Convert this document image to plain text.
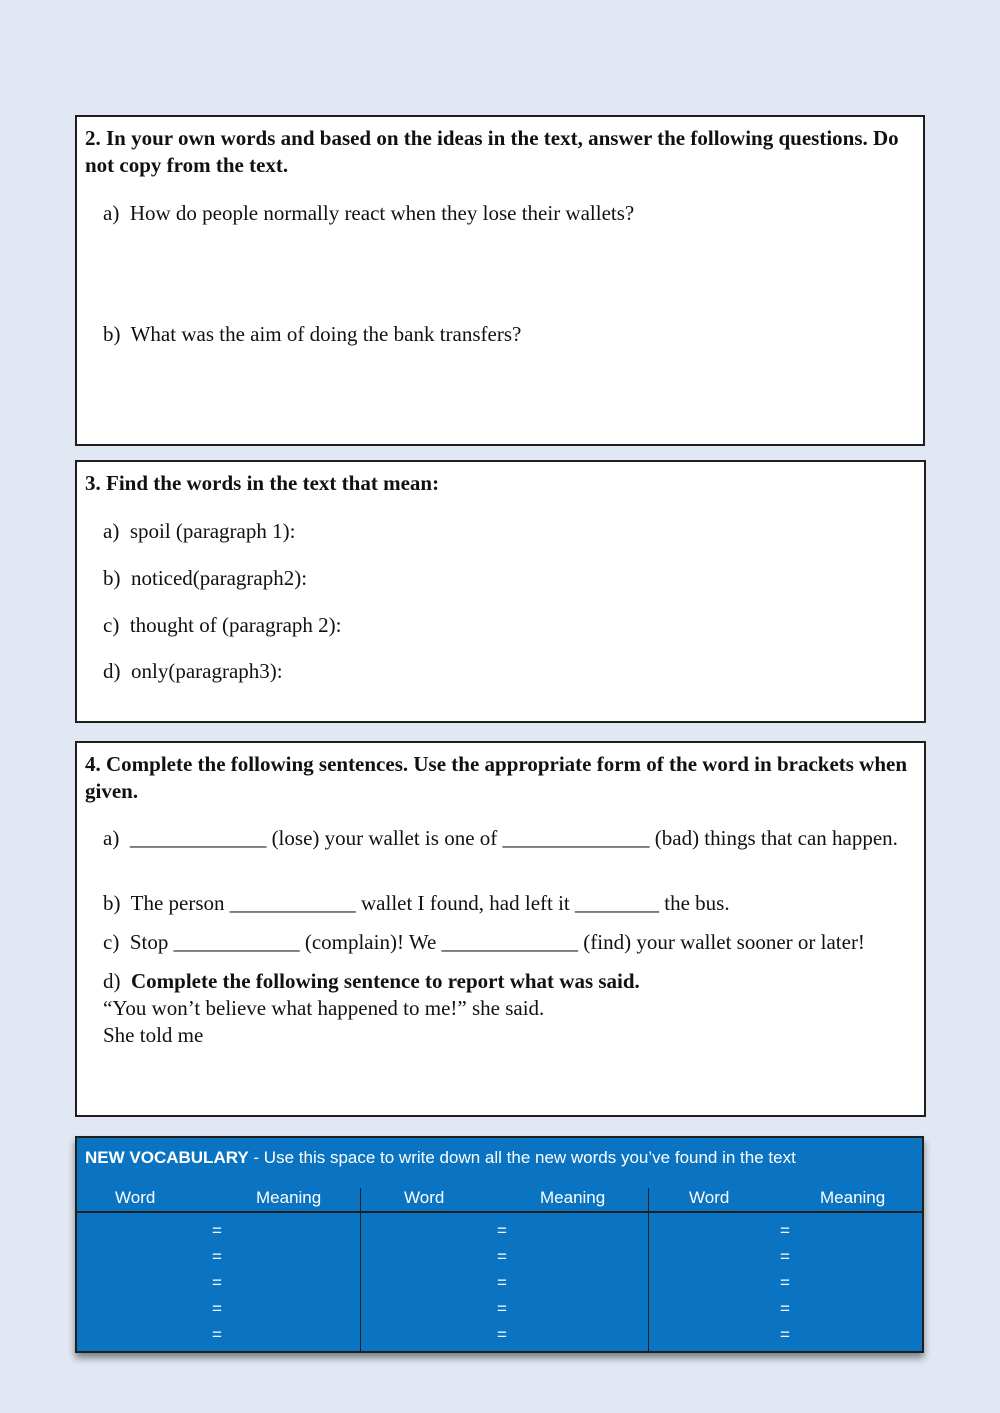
2. In your own words and based on the ideas in the text, answer the following questions. Do not copy from the text.

a)  How do people normally react when they lose their wallets?
b)  What was the aim of doing the bank transfers?

3. Find the words in the text that mean:

a)  spoil (paragraph 1):
b)  noticed(paragraph2):
c)  thought of (paragraph 2):
d)  only(paragraph3):

4. Complete the following sentences. Use the appropriate form of the word in brackets when given.

a)  _____________ (lose) your wallet is one of ______________ (bad) things that can happen.
b)  The person ____________ wallet I found, had left it ________ the bus.
c)  Stop ____________ (complain)! We _____________ (find) your wallet sooner or later!
d)  Complete the following sentence to report what was said.
“You won’t believe what happened to me!” she said.
She told me
NEW VOCABULARY - Use this space to write down all the new words you’ve found in the text
Word	Meaning	Word	Meaning	Word	Meaning
=	=	=
=	=	=
=	=	=
=	=	=
=	=	=
